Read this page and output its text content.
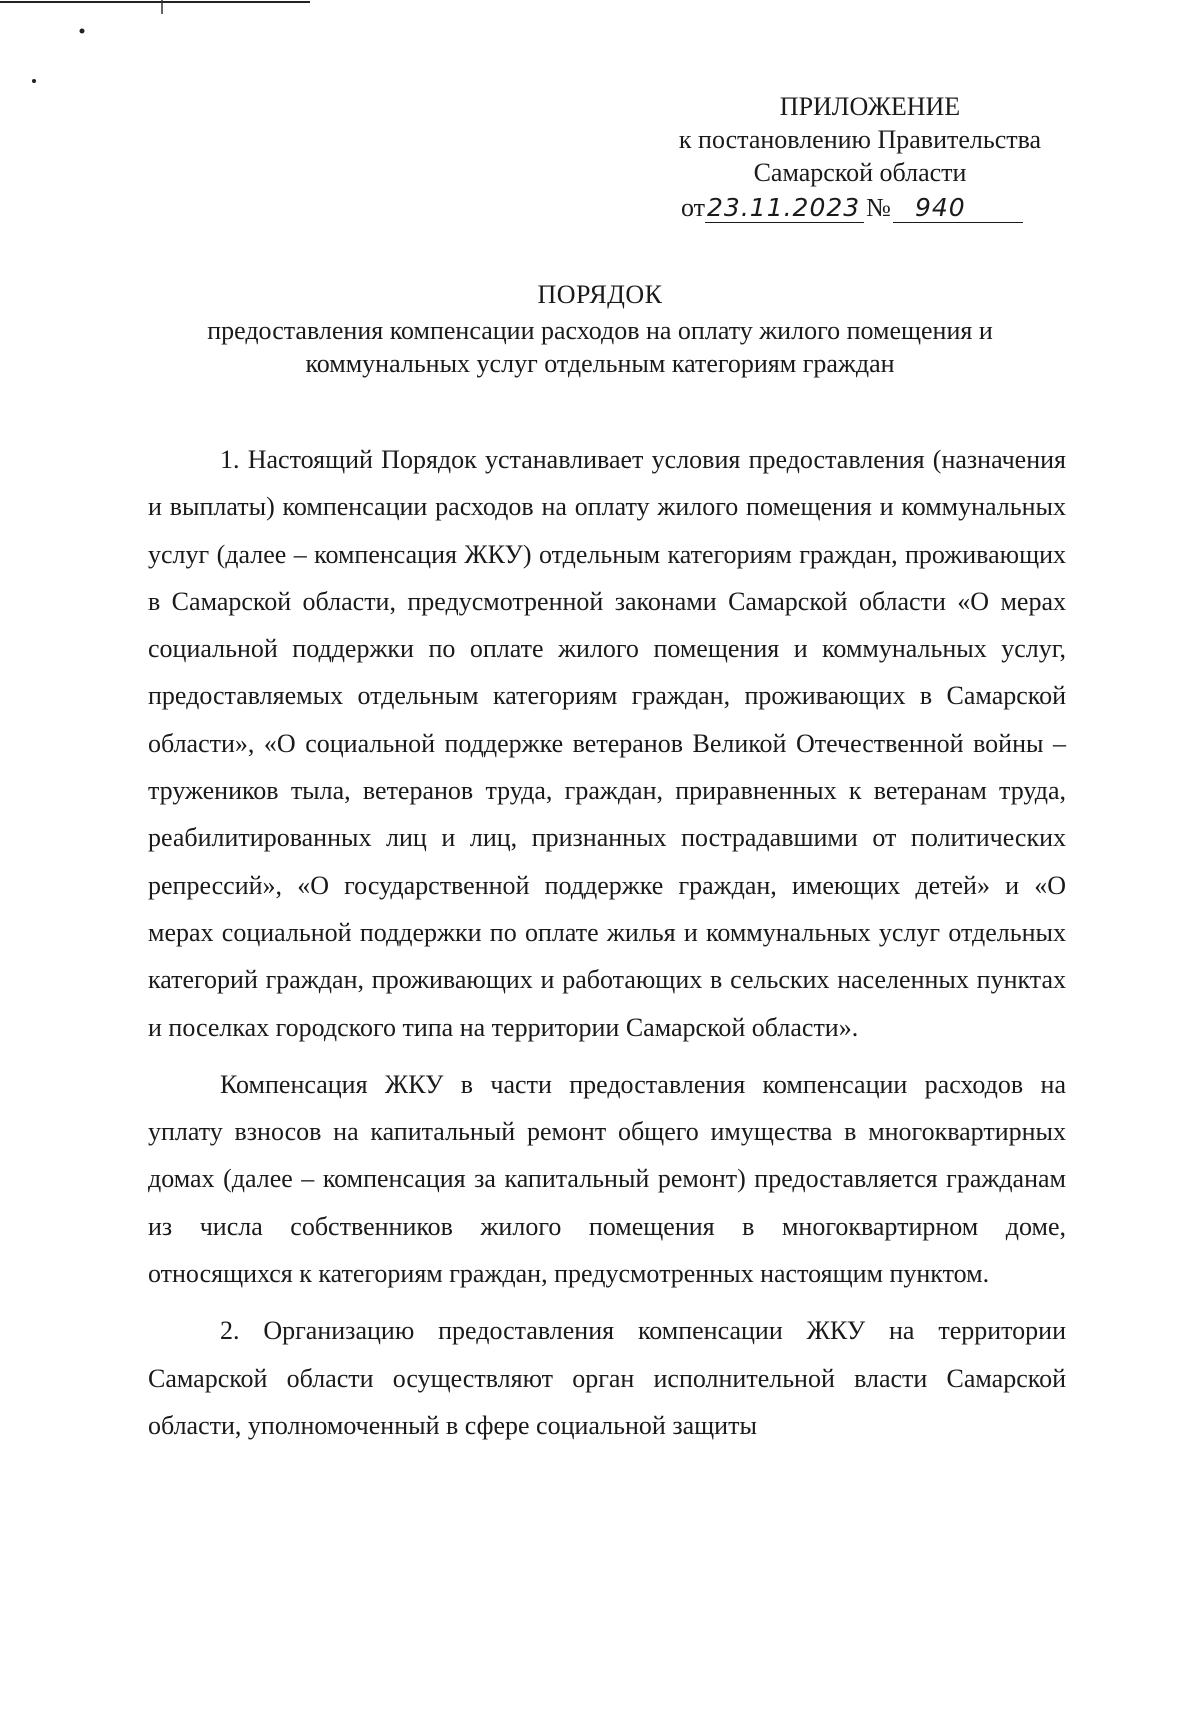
ПРИЛОЖЕНИЕ
к постановлению Правительства
Самарской области
от23.11.2023 № 940
ПОРЯДОК
предоставления компенсации расходов на оплату жилого помещения и
коммунальных услуг отдельным категориям граждан

1. Настоящий Порядок устанавливает условия предоставления (назначения и выплаты) компенсации расходов на оплату жилого помещения и коммунальных услуг (далее – компенсация ЖКУ) отдельным категориям граждан, проживающих в Самарской области, предусмотренной законами Самарской области «О мерах социальной поддержки по оплате жилого помещения и коммунальных услуг, предоставляемых отдельным категориям граждан, проживающих в Самарской области», «О социальной поддержке ветеранов Великой Отечественной войны – тружеников тыла, ветеранов труда, граждан, приравненных к ветеранам труда, реабилитированных лиц и лиц, признанных пострадавшими от политических репрессий», «О государственной поддержке граждан, имеющих детей» и «О мерах социальной поддержки по оплате жилья и коммунальных услуг отдельных категорий граждан, проживающих и работающих в сельских населенных пунктах и поселках городского типа на территории Самарской области».

Компенсация ЖКУ в части предоставления компенсации расходов на уплату взносов на капитальный ремонт общего имущества в многоквартирных домах (далее – компенсация за капитальный ремонт) предоставляется гражданам из числа собственников жилого помещения в многоквартирном доме, относящихся к категориям граждан, предусмотренных настоящим пунктом.

2. Организацию предоставления компенсации ЖКУ на территории Самарской области осуществляют орган исполнительной власти Самарской области, уполномоченный в сфере социальной защиты
